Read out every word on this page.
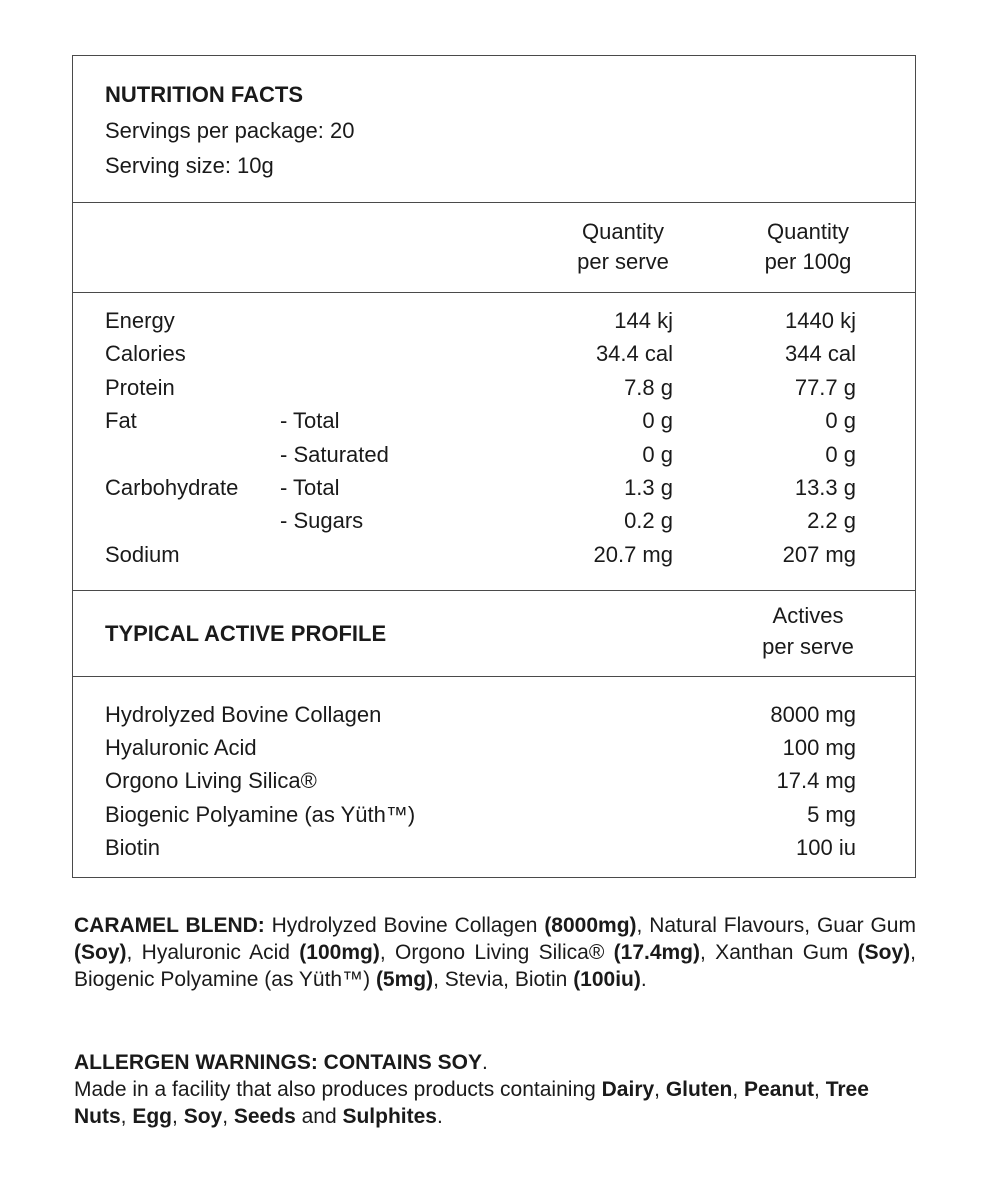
NUTRITION FACTS
Servings per package: 20
Serving size: 10g
Quantity
per serve
Quantity
per 100g
Energy	144 kj	1440 kj
Calories	34.4 cal	344 cal
Protein	7.8 g	77.7 g
Fat	- Total	0 g	0 g
- Saturated	0 g	0 g
Carbohydrate - Total	1.3 g	13.3 g
- Sugars	0.2 g	2.2 g
Sodium	20.7 mg	207 mg
TYPICAL ACTIVE PROFILE
Actives
per serve
Hydrolyzed Bovine Collagen	8000 mg
Hyaluronic Acid	100 mg
Orgono Living Silica®	17.4 mg
Biogenic Polyamine (as Yüth™)	5 mg
Biotin	100 iu
CARAMEL BLEND: Hydrolyzed Bovine Collagen (8000mg), Natural Flavours, Guar Gum (Soy), Hyaluronic Acid (100mg), Orgono Living Silica® (17.4mg), Xanthan Gum (Soy), Biogenic Polyamine (as Yüth™) (5mg), Stevia, Biotin (100iu).
ALLERGEN WARNINGS: CONTAINS SOY.
Made in a facility that also produces products containing Dairy, Gluten, Peanut, Tree Nuts, Egg, Soy, Seeds and Sulphites.
